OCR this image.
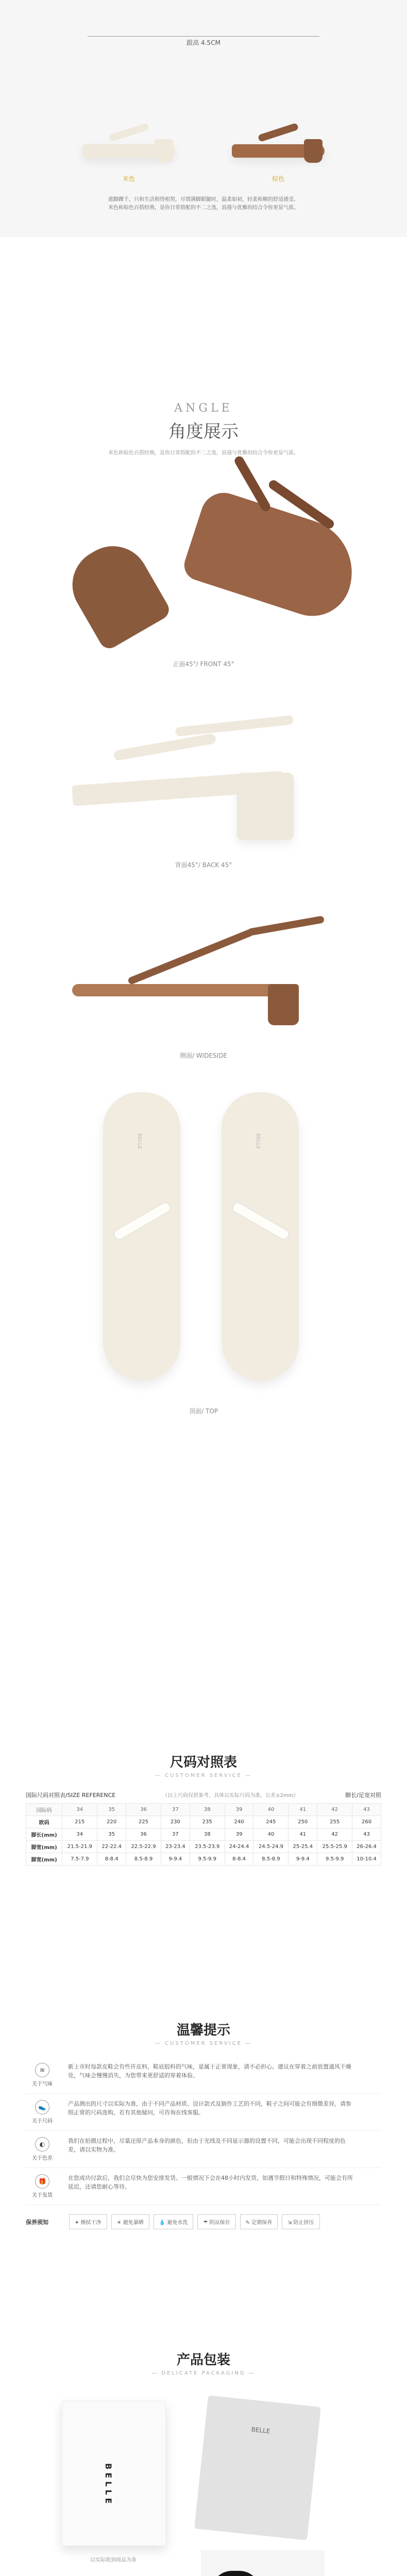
跟高 4.5CM
米色	棕色
遮脚踝千，只和生活相得相契，尽情满脚跟腿时，温柔如初，轻柔和顺的舒适感受。
米色和棕色百搭经典，是你日常搭配的不二之选，浪漫与优雅的结合令你更显气质。
ANGLE
角度展示
米色和棕色百搭经典，是你日常搭配的不二之选，浪漫与优雅的结合令你更显气质。
正面45°/ FRONT 45°
背面45°/ BACK 45°
侧面/ WIDESIDE
BELLE	BELLE
顶面/ TOP
尺码对照表
— CUSTOMER SERVICE —
国际尺码对照表/SIZE REFERENCE	（以上尺码仅供参考，具体以实际尺码为准，公差±2mm）	脚长/足宽对照
国际码	34	35	36	37	38	39	40	41	42	43
欧码	215	220	225	230	235	240	245	250	255	260
脚长(mm)	34	35	36	37	38	39	40	41	42	43
脚宽(mm)	21.5-21.9	22-22.4	22.5-22.9	23-23.4	23.5-23.9	24-24.4	24.5-24.9	25-25.4	25.5-25.9	26-26.4
脚宽(mm)	7.5-7.9	8-8.4	8.5-8.9	9-9.4	9.5-9.9	8-8.4	8.5-8.9	9-9.4	9.5-9.9	10-10.4
温馨提示
— CUSTOMER SERVICE —
≋
关于气味
新上市时每款皮鞋会有些许皮料，鞋底胶料的气味，是属于正常现象，请不必担心。建议在穿着之前放置通风干燥处，气味会慢慢消失，为您带来更舒适的穿着体验。
👟
关于尺码
产品测出的尺寸以实际为准，由于不同产品材质、设计款式及制作工艺的不同，鞋子之间可能会有细微差异，请参照正常的尺码选购，若有其他疑问，可咨询在线客服。
◐
关于色差
我们在拍摄过程中，尽量还原产品本身的颜色，但由于光线及不同显示器的设置不同，可能会出现不同程度的色差，请以实物为准。
🎁
关于发货
在您成功付款后，我们会尽快为您安排发货。一般情况下会在48小时内发货，如遇节假日和特殊情况，可能会有所延迟，还请您耐心等待。
保养须知	✦ 擦拭干净	☀ 避免暴晒	💧 避免水洗	☂ 阴凉保存	✎ 定期保养	⇲ 防止挤压
产品包装
— DELICATE PACKAGING —
BELLE
BELLE
以实际收到商品为准
